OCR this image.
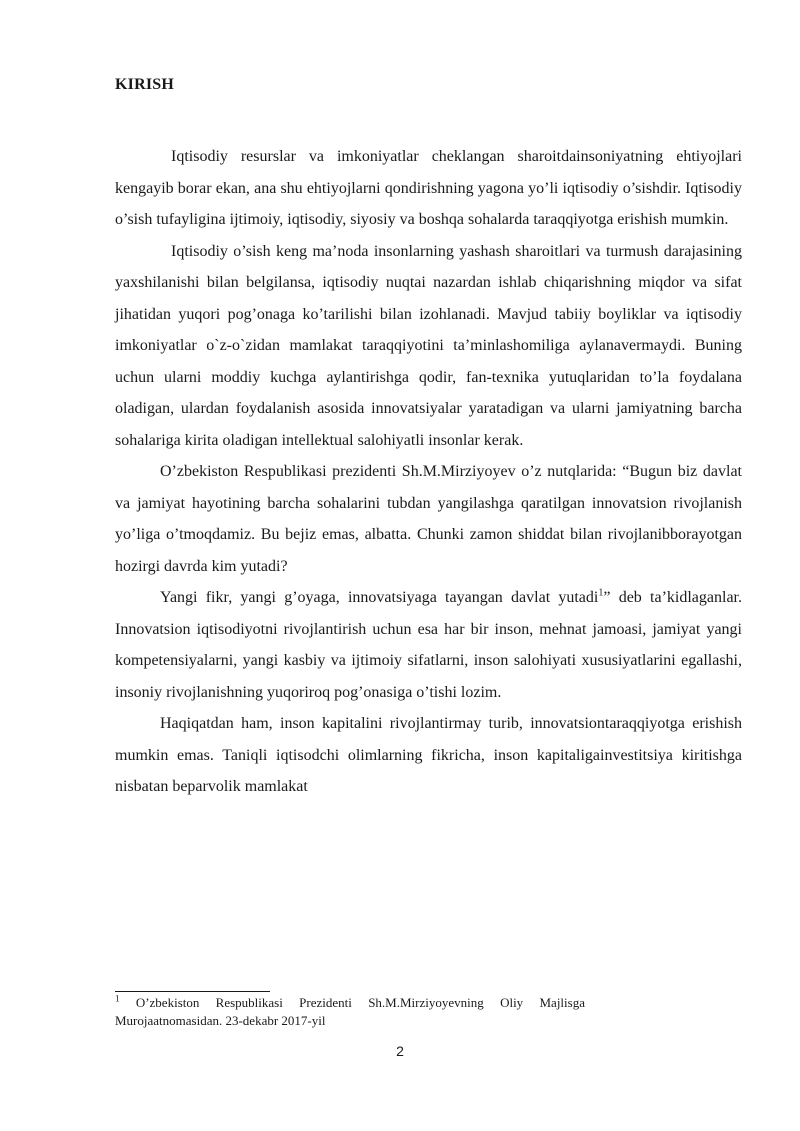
KIRISH

Iqtisodiy resurslar va imkoniyatlar cheklangan sharoitdainsoniyatning ehtiyojlari kengayib borar ekan, ana shu ehtiyojlarni qondirishning yagona yo’li iqtisodiy o’sishdir. Iqtisodiy o’sish tufayligina ijtimoiy, iqtisodiy, siyosiy va boshqa sohalarda taraqqiyotga erishish mumkin.

Iqtisodiy o’sish keng ma’noda insonlarning yashash sharoitlari va turmush darajasining yaxshilanishi bilan belgilansa, iqtisodiy nuqtai nazardan ishlab chiqarishning miqdor va sifat jihatidan yuqori pog’onaga ko’tarilishi bilan izohlanadi. Mavjud tabiiy boyliklar va iqtisodiy imkoniyatlar o`z-o`zidan mamlakat taraqqiyotini ta’minlashomiliga aylanavermaydi. Buning uchun ularni moddiy kuchga aylantirishga qodir, fan-texnika yutuqlaridan to’la foydalana oladigan, ulardan foydalanish asosida innovatsiyalar yaratadigan va ularni jamiyatning barcha sohalariga kirita oladigan intellektual salohiyatli insonlar kerak.

O’zbekiston Respublikasi prezidenti Sh.M.Mirziyoyev o’z nutqlarida: “Bugun biz davlat va jamiyat hayotining barcha sohalarini tubdan yangilashga qaratilgan innovatsion rivojlanish yo’liga o’tmoqdamiz. Bu bejiz emas, albatta. Chunki zamon shiddat bilan rivojlanibborayotgan hozirgi davrda kim yutadi?

Yangi fikr, yangi g’oyaga, innovatsiyaga tayangan davlat yutadi$^1$” deb ta’kidlaganlar. Innovatsion iqtisodiyotni rivojlantirish uchun esa har bir inson, mehnat jamoasi, jamiyat yangi kompetensiyalarni, yangi kasbiy va ijtimoiy sifatlarni, inson salohiyati xususiyatlarini egallashi, insoniy rivojlanishning yuqoriroq pog’onasiga o’tishi lozim.

Haqiqatdan ham, inson kapitalini rivojlantirmay turib, innovatsiontaraqqiyotga erishish mumkin emas. Taniqli iqtisodchi olimlarning fikricha, inson kapitaligainvestitsiya kiritishga nisbatan beparvolik mamlakat

$^1$ O’zbekiston Respublikasi Prezidenti Sh.M.Mirziyoyevning Oliy Majlisga Murojaatnomasidan. 23-dekabr 2017-yil
2
